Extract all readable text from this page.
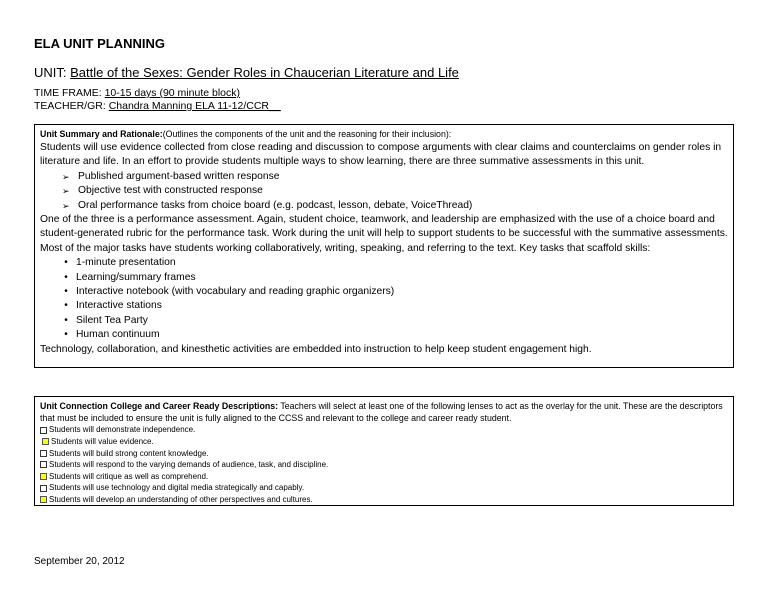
ELA UNIT PLANNING
UNIT: Battle of the Sexes: Gender Roles in Chaucerian Literature and Life
TIME FRAME: 10-15 days (90 minute block)
TEACHER/GR: Chandra Manning ELA 11-12/CCR__
Unit Summary and Rationale:(Outlines the components of the unit and the reasoning for their inclusion):

Students will use evidence collected from close reading and discussion to compose arguments with clear claims and counterclaims on gender roles in literature and life. In an effort to provide students multiple ways to show learning, there are three summative assessments in this unit.

➢ Published argument-based written response
➢ Objective test with constructed response
➢ Oral performance tasks from choice board (e.g. podcast, lesson, debate, VoiceThread)

One of the three is a performance assessment. Again, student choice, teamwork, and leadership are emphasized with the use of a choice board and student-generated rubric for the performance task. Work during the unit will help to support students to be successful with the summative assessments. Most of the major tasks have students working collaboratively, writing, speaking, and referring to the text. Key tasks that scaffold skills:

• 1-minute presentation
• Learning/summary frames
• Interactive notebook (with vocabulary and reading graphic organizers)
• Interactive stations
• Silent Tea Party
• Human continuum

Technology, collaboration, and kinesthetic activities are embedded into instruction to help keep student engagement high.

Unit Connection College and Career Ready Descriptions: Teachers will select at least one of the following lenses to act as the overlay for the unit. These are the descriptors that must be included to ensure the unit is fully aligned to the CCSS and relevant to the college and career ready student.
Students will demonstrate independence.
Students will value evidence.
Students will build strong content knowledge.
Students will respond to the varying demands of audience, task, and discipline.
Students will critique as well as comprehend.
Students will use technology and digital media strategically and capably.
Students will develop an understanding of other perspectives and cultures.
September 20, 2012
